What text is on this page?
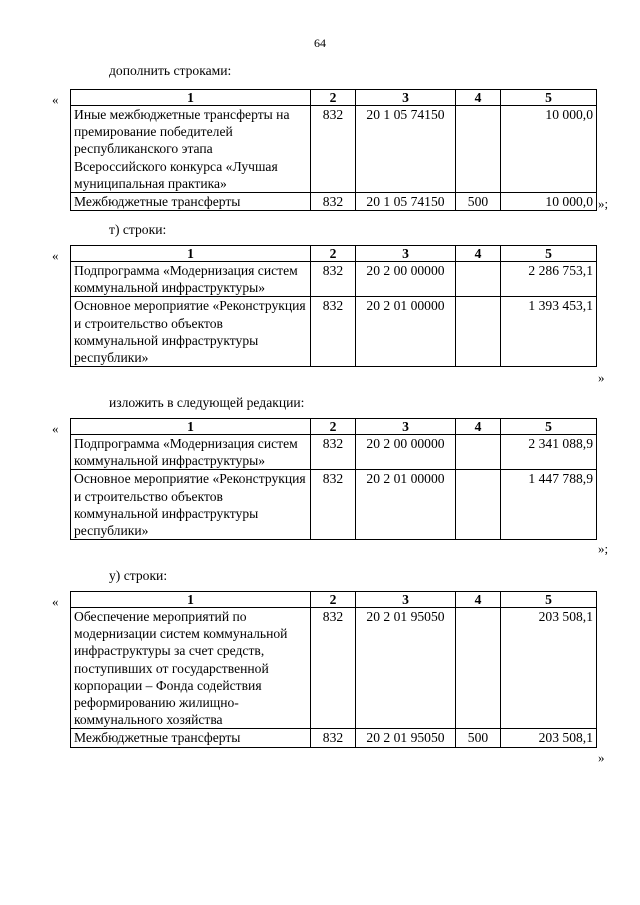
64
дополнить строками:
«	1	2	3	4	5
Иные межбюджетные трансферты на премирование победителей республиканского этапа Всероссийского конкурса «Лучшая муниципальная практика»	832	20 1 05 74150		10 000,0
Межбюджетные трансферты	832	20 1 05 74150	500	10 000,0 »;
т) строки:
«	1	2	3	4	5
Подпрограмма «Модернизация систем коммунальной инфраструктуры»	832	20 2 00 00000		2 286 753,1
Основное мероприятие «Реконструкция и строительство объектов коммунальной инфраструктуры республики»	832	20 2 01 00000		1 393 453,1
»
изложить в следующей редакции:
«	1	2	3	4	5
Подпрограмма «Модернизация систем коммунальной инфраструктуры»	832	20 2 00 00000		2 341 088,9
Основное мероприятие «Реконструкция и строительство объектов коммунальной инфраструктуры республики»	832	20 2 01 00000		1 447 788,9
»;
у) строки:
«	1	2	3	4	5
Обеспечение мероприятий по модернизации систем коммунальной инфраструктуры за счет средств, поступивших от государственной корпорации – Фонда содействия реформированию жилищно-коммунального хозяйства	832	20 2 01 95050		203 508,1
Межбюджетные трансферты	832	20 2 01 95050	500	203 508,1
»
